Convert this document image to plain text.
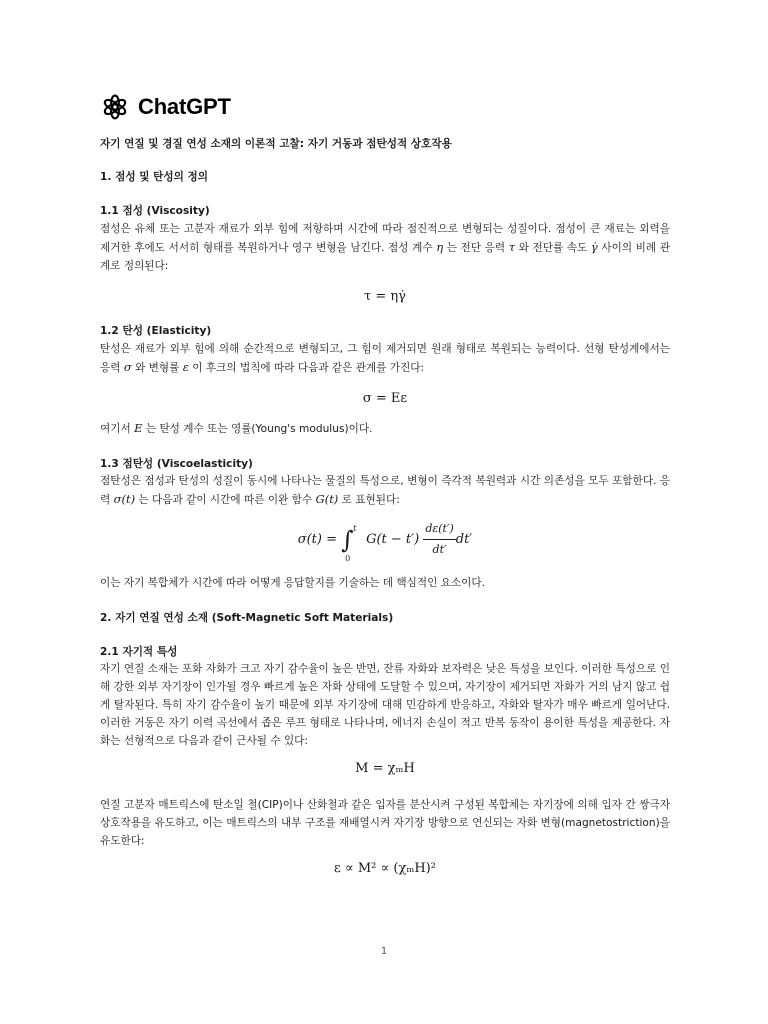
ChatGPT
자기 연질 및 경질 연성 소재의 이론적 고찰: 자기 거동과 점탄성적 상호작용
1. 점성 및 탄성의 정의
1.1 점성 (Viscosity)
점성은 유체 또는 고분자 재료가 외부 힘에 저항하며 시간에 따라 점진적으로 변형되는 성질이다. 점성이 큰 재료는 외력을 제거한 후에도 서서히 형태를 복원하거나 영구 변형을 남긴다. 점성 계수 η 는 전단 응력 τ 와 전단률 속도 γ̇ 사이의 비례 관계로 정의된다:
τ = ηγ̇
1.2 탄성 (Elasticity)
탄성은 재료가 외부 힘에 의해 순간적으로 변형되고, 그 힘이 제거되면 원래 형태로 복원되는 능력이다. 선형 탄성계에서는 응력 σ 와 변형률 ε 이 후크의 법칙에 따라 다음과 같은 관계를 가진다:
σ = Eε
여기서 E 는 탄성 계수 또는 영률(Young's modulus)이다.
1.3 점탄성 (Viscoelasticity)
점탄성은 점성과 탄성의 성질이 동시에 나타나는 물질의 특성으로, 변형이 즉각적 복원력과 시간 의존성을 모두 포함한다. 응력 σ(t) 는 다음과 같이 시간에 따른 이완 함수 G(t) 로 표현된다:
σ(t) = ∫ t
0
$G(t - t') \frac{d\varepsilon(t')}{dt'} dt'$
이는 자기 복합체가 시간에 따라 어떻게 응답할지를 기술하는 데 핵심적인 요소이다.
2. 자기 연질 연성 소재 (Soft-Magnetic Soft Materials)
2.1 자기적 특성
자기 연질 소재는 포화 자화가 크고 자기 감수율이 높은 반면, 잔류 자화와 보자력은 낮은 특성을 보인다. 이러한 특성으로 인해 강한 외부 자기장이 인가될 경우 빠르게 높은 자화 상태에 도달할 수 있으며, 자기장이 제거되면 자화가 거의 남지 않고 쉽게 탈자된다. 특히 자기 감수율이 높기 때문에 외부 자기장에 대해 민감하게 반응하고, 자화와 탈자가 매우 빠르게 일어난다. 이러한 거동은 자기 이력 곡선에서 좁은 루프 형태로 나타나며, 에너지 손실이 적고 반복 동작이 용이한 특성을 제공한다. 자화는 선형적으로 다음과 같이 근사될 수 있다:
M = χₘH
연질 고분자 매트릭스에 탄소일 철(CIP)이나 산화철과 같은 입자를 분산시켜 구성된 복합체는 자기장에 의해 입자 간 쌍극자 상호작용을 유도하고, 이는 매트릭스의 내부 구조를 재배열시켜 자기장 방향으로 연신되는 자화 변형(magnetostriction)을 유도한다:
ε ∝ M² ∝ (χₘH)²
1
